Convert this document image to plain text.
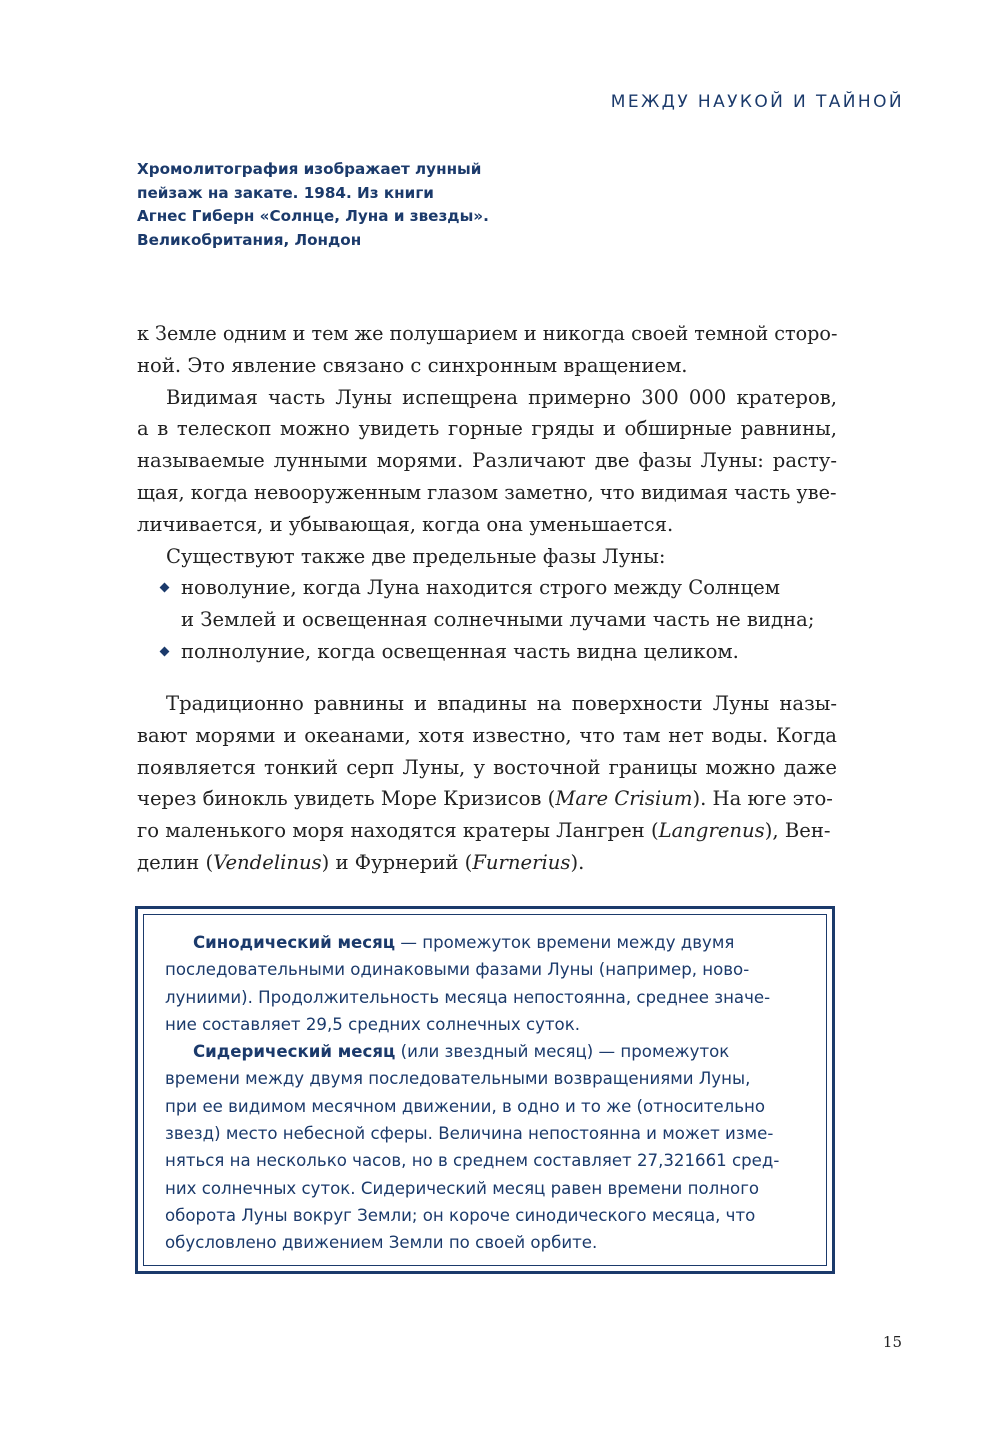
МЕЖДУ НАУКОЙ И ТАЙНОЙ
Хромолитография изображает лунный
пейзаж на закате. 1984. Из книги
Агнес Гиберн «Солнце, Луна и звезды».
Великобритания, Лондон
к Земле одним и тем же полушарием и никогда своей темной сторо-
ной. Это явление связано с синхронным вращением.
Видимая часть Луны испещрена примерно 300 000 кратеров,
а в телескоп можно увидеть горные гряды и обширные равнины,
называемые лунными морями. Различают две фазы Луны: расту-
щая, когда невооруженным глазом заметно, что видимая часть уве-
личивается, и убывающая, когда она уменьшается.
Существуют также две предельные фазы Луны:
новолуние, когда Луна находится строго между Солнцем
и Землей и освещенная солнечными лучами часть не видна;
полнолуние, когда освещенная часть видна целиком.
Традиционно равнины и впадины на поверхности Луны назы-
вают морями и океанами, хотя известно, что там нет воды. Когда
появляется тонкий серп Луны, у восточной границы можно даже
через бинокль увидеть Море Кризисов (Mare Crisium). На юге это-
го маленького моря находятся кратеры Лангрен (Langrenus), Вен-
делин (Vendelinus) и Фурнерий (Furnerius).
Синодический месяц — промежуток времени между двумя
последовательными одинаковыми фазами Луны (например, ново-
лунии​ми). Продолжительность месяца непостоянна, среднее значе-
ние составляет 29,5 средних солнечных суток.
Сидерический месяц (или звездный месяц) — промежуток
времени между двумя последовательными возвращениями Луны,
при ее видимом месячном движении, в одно и то же (относительно
звезд) место небесной сферы. Величина непостоянна и может изме-
няться на несколько часов, но в среднем составляет 27,321661 сред-
них солнечных суток. Сидерический месяц равен времени полного
оборота Луны вокруг Земли; он короче синодического месяца, что
обусловлено движением Земли по своей орбите.
15
